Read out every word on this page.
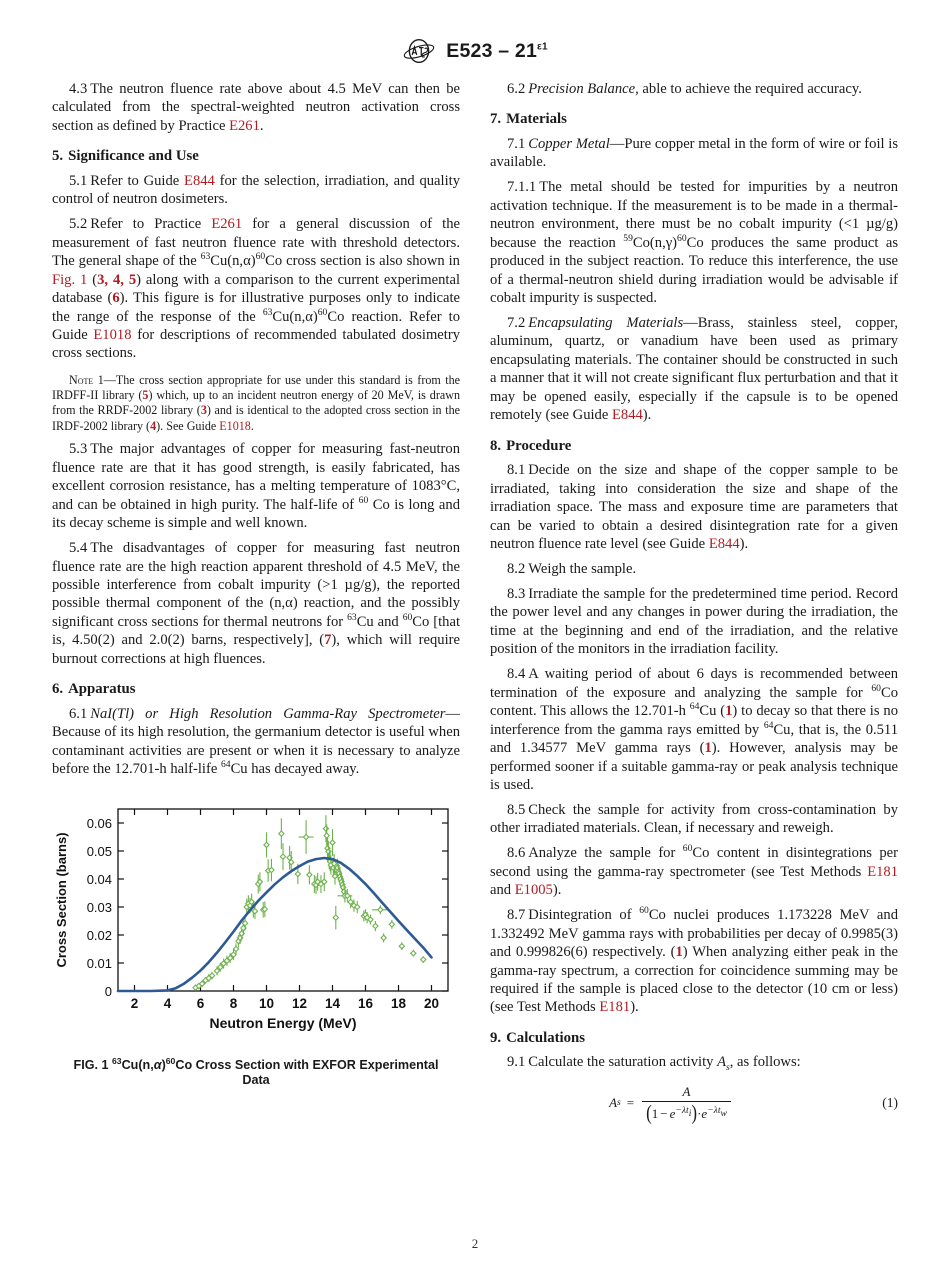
$E523 - 21^{\varepsilon 1}$

4.3 The neutron fluence rate above about 4.5 MeV can then be calculated from the spectral-weighted neutron activation cross section as defined by Practice E261.

5. Significance and Use

5.1 Refer to Guide E844 for the selection, irradiation, and quality control of neutron dosimeters.

5.2 Refer to Practice E261 for a general discussion of the measurement of fast neutron fluence rate with threshold detectors. The general shape of the $^{63}Cu(n,\alpha)^{60}Co$ cross section is also shown in Fig. 1 (3, 4, 5) along with a comparison to the current experimental database (6). This figure is for illustrative purposes only to indicate the range of the response of the $^{63}Cu(n,\alpha)^{60}Co$ reaction. Refer to Guide E1018 for descriptions of recommended tabulated dosimetry cross sections.

Note 1—The cross section appropriate for use under this standard is from the IRDFF-II library (5) which, up to an incident neutron energy of 20 MeV, is drawn from the RRDF-2002 library (3) and is identical to the adopted cross section in the IRDF-2002 library (4). See Guide E1018.

5.3 The major advantages of copper for measuring fast-neutron fluence rate are that it has good strength, is easily fabricated, has excellent corrosion resistance, has a melting temperature of 1083°C, and can be obtained in high purity. The half-life of $^{60}$ Co is long and its decay scheme is simple and well known.

5.4 The disadvantages of copper for measuring fast neutron fluence rate are the high reaction apparent threshold of 4.5 MeV, the possible interference from cobalt impurity (>1 µg/g), the reported possible thermal component of the (n,α) reaction, and the possibly significant cross sections for thermal neutrons for $^{63}$Cu and $^{60}$Co [that is, 4.50(2) and 2.0(2) barns, respectively], (7), which will require burnout corrections at high fluences.

6. Apparatus

6.1 NaI(Tl) or High Resolution Gamma-Ray Spectrometer—Because of its high resolution, the germanium detector is useful when contaminant activities are present or when it is necessary to analyze before the 12.701-h half-life $^{64}$Cu has decayed away.

2 4 6 8 10 12 14 16 18 20
0
0.01
0.02
0.03
0.04
0.05
0.06
Neutron Energy (MeV)
Cross Section (barns)
FIG. 1 $^{63}Cu(n,\alpha)^{60}Co$ Cross Section with EXFOR Experimental Data

6.2 Precision Balance, able to achieve the required accuracy.

7. Materials

7.1 Copper Metal—Pure copper metal in the form of wire or foil is available.

7.1.1 The metal should be tested for impurities by a neutron activation technique. If the measurement is to be made in a thermal-neutron environment, there must be no cobalt impurity (<1 µg/g) because the reaction $^{59}Co(n,\gamma)^{60}Co$ produces the same product as produced in the subject reaction. To reduce this interference, the use of a thermal-neutron shield during irradiation would be advisable if cobalt impurity is suspected.

7.2 Encapsulating Materials—Brass, stainless steel, copper, aluminum, quartz, or vanadium have been used as primary encapsulating materials. The container should be constructed in such a manner that it will not create significant flux perturbation and that it may be opened easily, especially if the capsule is to be opened remotely (see Guide E844).

8. Procedure

8.1 Decide on the size and shape of the copper sample to be irradiated, taking into consideration the size and shape of the irradiation space. The mass and exposure time are parameters that can be varied to obtain a desired disintegration rate for a given neutron fluence rate level (see Guide E844).

8.2 Weigh the sample.

8.3 Irradiate the sample for the predetermined time period. Record the power level and any changes in power during the irradiation, the time at the beginning and end of the irradiation, and the relative position of the monitors in the irradiation facility.

8.4 A waiting period of about 6 days is recommended between termination of the exposure and analyzing the sample for $^{60}$Co content. This allows the 12.701-h $^{64}$Cu (1) to decay so that there is no interference from the gamma rays emitted by $^{64}$Cu, that is, the 0.511 and 1.34577 MeV gamma rays (1). However, analysis may be performed sooner if a suitable gamma-ray or peak analysis technique is used.

8.5 Check the sample for activity from cross-contamination by other irradiated materials. Clean, if necessary and reweigh.

8.6 Analyze the sample for $^{60}$Co content in disintegrations per second using the gamma-ray spectrometer (see Test Methods E181 and E1005).

8.7 Disintegration of $^{60}$Co nuclei produces 1.173228 MeV and 1.332492 MeV gamma rays with probabilities per decay of 0.9985(3) and 0.999826(6) respectively. (1) When analyzing either peak in the gamma-ray spectrum, a correction for coincidence summing may be required if the sample is placed close to the detector (10 cm or less) (see Test Methods E181).

9. Calculations

9.1 Calculate the saturation activity $A_s$, as follows:

A $s = \frac{A}{(1 - e^{-\lambda t_i})\cdot e^{-\lambda t_w}}$	(1)
2
